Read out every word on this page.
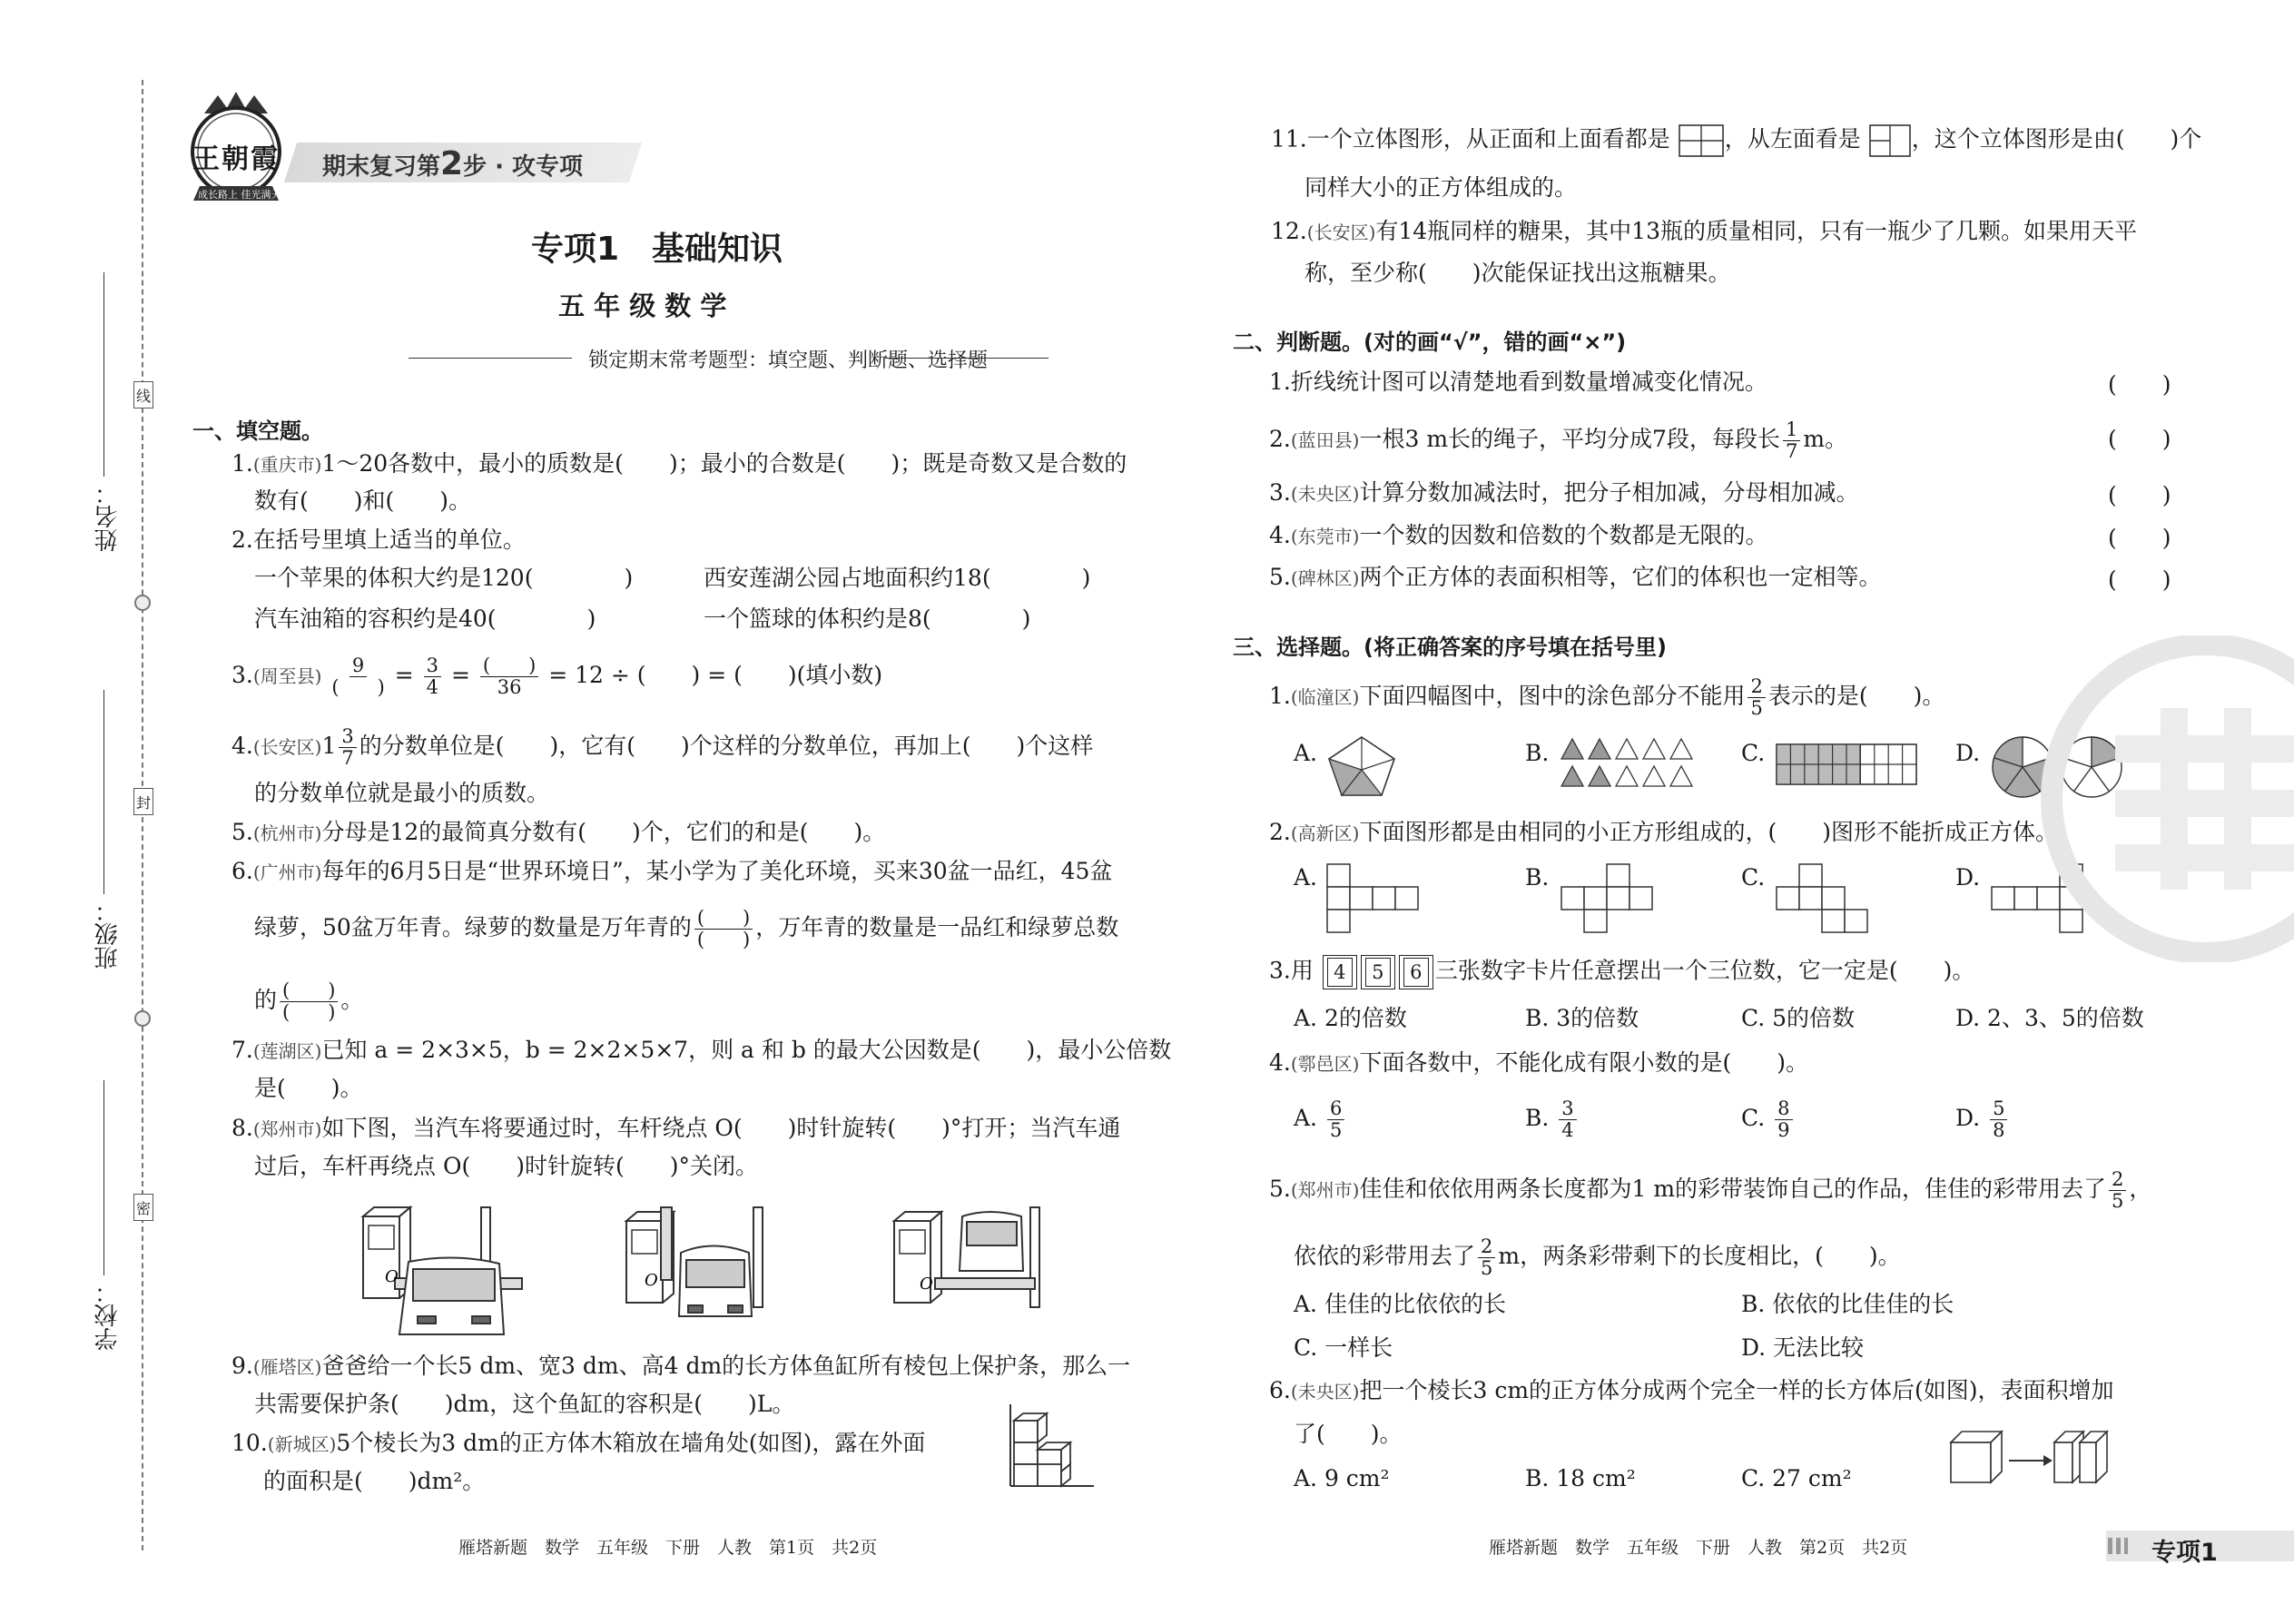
线
封
密
姓名：
班级：
学校：
王朝霞
成长路上 佳光满天
期末复习第2步 · 攻专项
专项1　基础知识
五 年 级 数 学
锁定期末常考题型：填空题、判断题、选择题
一、填空题。
1.(重庆市)1～20各数中，最小的质数是(　　)；最小的合数是(　　)；既是奇数又是合数的
数有(　　)和(　　)。
2.在括号里填上适当的单位。
一个苹果的体积大约是120(　　　　)	西安莲湖公园占地面积约18(　　　　)
汽车油箱的容积约是40(　　　　)	一个篮球的体积约是8(　　　　)
3.(周至县) $\frac{9}{( )} = \frac{3}{4} = \frac{( )}{36} = 12$ ÷ (　　) = (　　)(填小数)
4.(长安区)$1 \frac{3}{7}$ 的分数单位是(　　)，它有(　　)个这样的分数单位，再加上(　　)个这样
的分数单位就是最小的质数。
5.(杭州市)分母是12的最简真分数有(　　)个，它们的和是(　　)。
6.(广州市)每年的6月5日是“世界环境日”，某小学为了美化环境，买来30盆一品红，45盆
绿萝，50盆万年青。绿萝的数量是万年青的 $\frac{( )}{( )}$ ，万年青的数量是一品红和绿萝总数
的 $\frac{( )}{( )}$ 。
7.(莲湖区)已知 a = 2×3×5，b = 2×2×5×7，则 a 和 b 的最大公因数是(　　)，最小公倍数
是(　　)。
8.(郑州市)如下图，当汽车将要通过时，车杆绕点 O(　　)时针旋转(　　)°打开；当汽车通
过后，车杆再绕点 O(　　)时针旋转(　　)°关闭。
O	O	O
9.(雁塔区)爸爸给一个长5 dm、宽3 dm、高4 dm的长方体鱼缸所有棱包上保护条，那么一
共需要保护条(　　)dm，这个鱼缸的容积是(　　)L。
10.(新城区)5个棱长为3 dm的正方体木箱放在墙角处(如图)，露在外面
的面积是(　　)dm²。
雁塔新题　数学　五年级　下册　人教　第1页　共2页
11.一个立体图形，从正面和上面看都是 ，从左面看是 ，这个立体图形是由(　　)个
同样大小的正方体组成的。
12.(长安区)有14瓶同样的糖果，其中13瓶的质量相同，只有一瓶少了几颗。如果用天平
称，至少称(　　)次能保证找出这瓶糖果。
二、判断题。(对的画“√”，错的画“×”)
1.折线统计图可以清楚地看到数量增减变化情况。	(　　)
2.(蓝田县)一根3 m长的绳子，平均分成7段，每段长 $\frac{1}{7}$ m。	(　　)
3.(未央区)计算分数加减法时，把分子相加减，分母相加减。	(　　)
4.(东莞市)一个数的因数和倍数的个数都是无限的。	(　　)
5.(碑林区)两个正方体的表面积相等，它们的体积也一定相等。	(　　)
三、选择题。(将正确答案的序号填在括号里)
1.(临潼区)下面四幅图中，图中的涂色部分不能用 $\frac{2}{5}$ 表示的是(　　)。
A.	B.	C.	D.
2.(高新区)下面图形都是由相同的小正方形组成的，(　　)图形不能折成正方体。
A.	B.	C.	D.
3.用	4	5	6 三张数字卡片任意摆出一个三位数，它一定是(　　)。
A. 2的倍数	B. 3的倍数	C. 5的倍数	D. 2、3、5的倍数
4.(鄠邑区)下面各数中，不能化成有限小数的是(　　)。
A. $\frac{6}{5}$	B. $\frac{3}{4}$	C. $\frac{8}{9}$	D. $\frac{5}{8}$
5.(郑州市)佳佳和依依用两条长度都为1 m的彩带装饰自己的作品，佳佳的彩带用去了 $\frac{2}{5}$ ，
依依的彩带用去了 $\frac{2}{5}$ m，两条彩带剩下的长度相比，(　　)。
A. 佳佳的比依依的长	B. 依依的比佳佳的长
C. 一样长	D. 无法比较
6.(未央区)把一个棱长3 cm的正方体分成两个完全一样的长方体后(如图)，表面积增加
了(　　)。
A. 9 cm²	B. 18 cm²	C. 27 cm²
雁塔新题　数学　五年级　下册　人教　第2页　共2页	专项1
